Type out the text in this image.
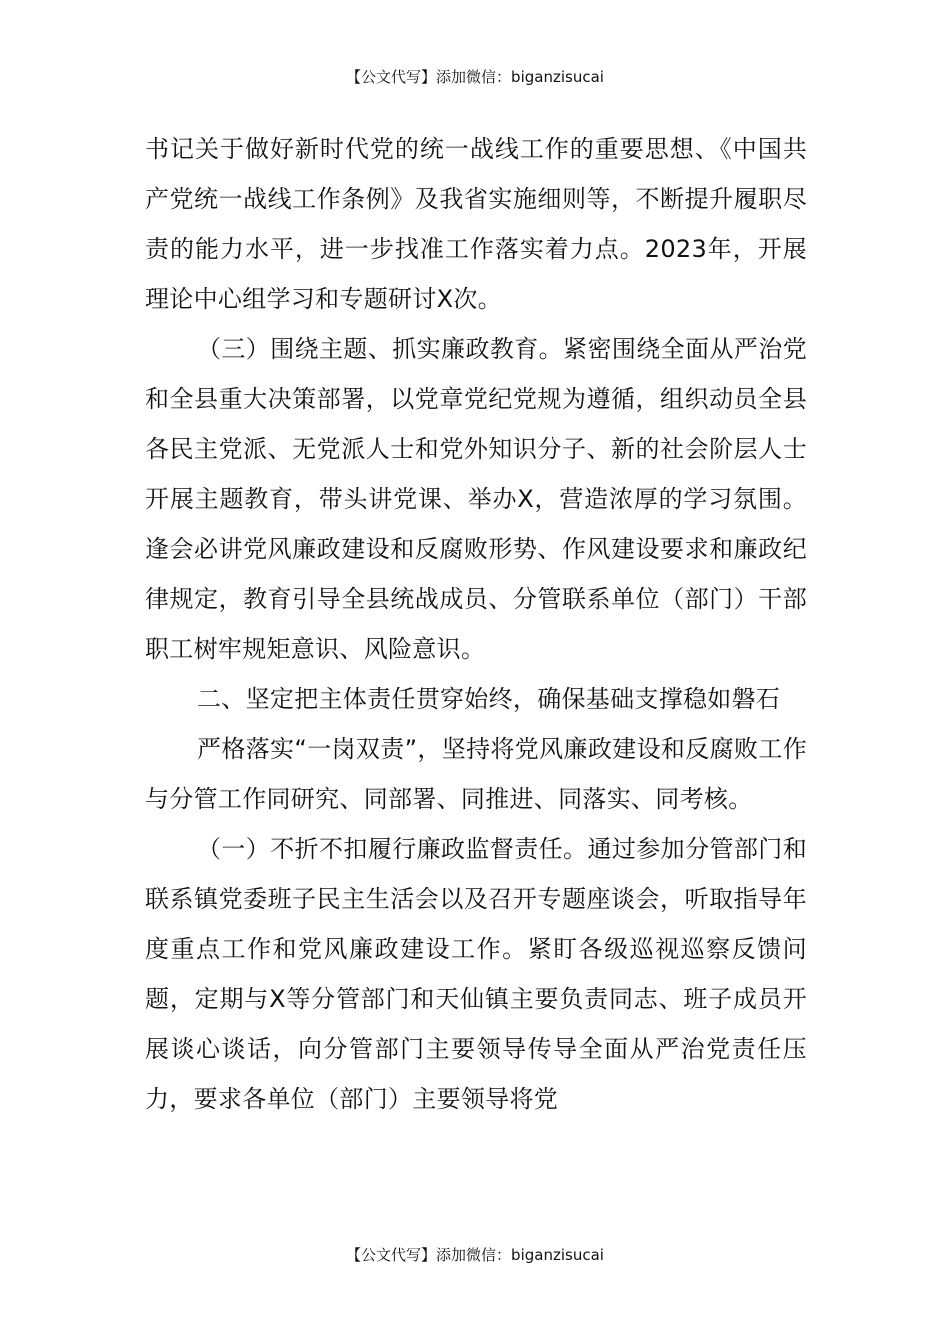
【公文代写】添加微信：biganzisucai

书记关于做好新时代党的统一战线工作的重要思想、《中国共产党统一战线工作条例》及我省实施细则等，不断提升履职尽责的能力水平，进一步找准工作落实着力点。2023年，开展理论中心组学习和专题研讨X次。

（三）围绕主题、抓实廉政教育。紧密围绕全面从严治党和全县重大决策部署，以党章党纪党规为遵循，组织动员全县各民主党派、无党派人士和党外知识分子、新的社会阶层人士开展主题教育，带头讲党课、举办X，营造浓厚的学习氛围。逢会必讲党风廉政建设和反腐败形势、作风建设要求和廉政纪律规定，教育引导全县统战成员、分管联系单位（部门）干部职工树牢规矩意识、风险意识。

二、坚定把主体责任贯穿始终，确保基础支撑稳如磐石

严格落实“一岗双责”，坚持将党风廉政建设和反腐败工作与分管工作同研究、同部署、同推进、同落实、同考核。

（一）不折不扣履行廉政监督责任。通过参加分管部门和联系镇党委班子民主生活会以及召开专题座谈会，听取指导年度重点工作和党风廉政建设工作。紧盯各级巡视巡察反馈问题，定期与X等分管部门和天仙镇主要负责同志、班子成员开展谈心谈话，向分管部门主要领导传导全面从严治党责任压力，要求各单位（部门）主要领导将党

【公文代写】添加微信：biganzisucai
